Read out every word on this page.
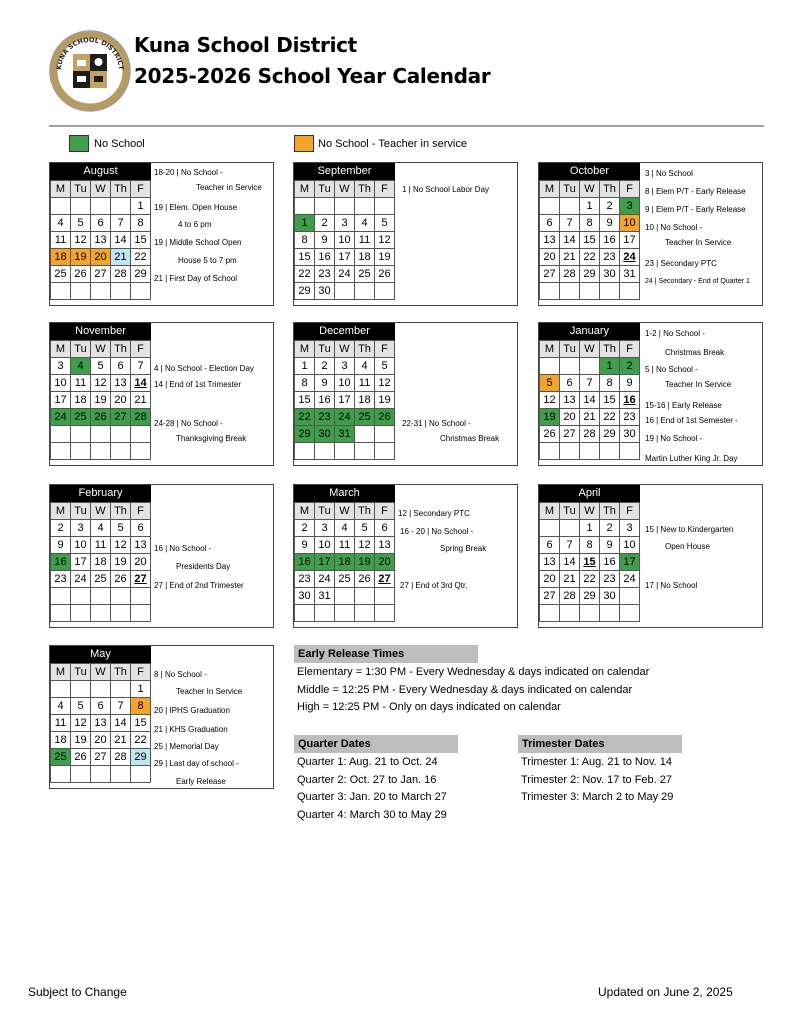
KUNA SCHOOL DISTRICT
Kuna School District
2025-2026 School Year Calendar
No School	No School - Teacher in service
August
M	Tu	W	Th	F
				1
4	5	6	7	8
11	12	13	14	15
18	19	20	21	22
25	26	27	28	29

18-20 | No School -
Teacher in Service
19 | Elem. Open House
4 to 6 pm
19 | Middle School Open
House 5 to 7 pm
21 | First Day of School
September
M	Tu	W	Th	F

1	2	3	4	5
8	9	10	11	12
15	16	17	18	19
22	23	24	25	26
29	30			
1 | No School Labor Day
October
M	Tu	W	Th	F
		1	2	3
6	7	8	9	10
13	14	15	16	17
20	21	22	23	24
27	28	29	30	31

3 | No School
8 | Elem P/T - Early Release
9 | Elem P/T - Early Release
10 | No School -
Teacher In Service
23 | Secondary PTC
24 | Secondary - End of Quarter 1
November
M	Tu	W	Th	F
3	4	5	6	7
10	11	12	13	14
17	18	19	20	21
24	25	26	27	28

4 | No School - Election Day
14 | End of 1st Trimester
24-28 | No School -
Thanksgiving Break
December
M	Tu	W	Th	F
1	2	3	4	5
8	9	10	11	12
15	16	17	18	19
22	23	24	25	26
29	30	31		

22-31 | No School -
Christmas Break
January
M	Tu	W	Th	F
			1	2
5	6	7	8	9
12	13	14	15	16
19	20	21	22	23
26	27	28	29	30

1-2 | No School -
Christmas Break
5 | No School -
Teacher In Service
15-16 | Early Release
16 | End of 1st Semester -
19 | No School -
Martin Luther King Jr. Day
February
M	Tu	W	Th	F
2	3	4	5	6
9	10	11	12	13
16	17	18	19	20
23	24	25	26	27

16 | No School -
Presidents Day
27 | End of 2nd Trimester
March
M	Tu	W	Th	F
2	3	4	5	6
9	10	11	12	13
16	17	18	19	20
23	24	25	26	27
30	31			

12 | Secondary PTC
16 - 20 | No School -
Spring Break
27 | End of 3rd Qtr.
April
M	Tu	W	Th	F
		1	2	3
6	7	8	9	10
13	14	15	16	17
20	21	22	23	24
27	28	29	30	

15 | New to Kindergarten
Open House
17 | No School
May
M	Tu	W	Th	F
				1
4	5	6	7	8
11	12	13	14	15
18	19	20	21	22
25	26	27	28	29

8 | No School -
Teacher In Service
20 | IPHS Graduation
21 | KHS Graduation
25 | Memorial Day
29 | Last day of school -
Early Release
Early Release Times
Elementary = 1:30 PM - Every Wednesday & days indicated on calendar
Middle = 12:25 PM - Every Wednesday & days indicated on calendar
High = 12:25 PM - Only on days indicated on calendar
Quarter Dates
Quarter 1: Aug. 21 to Oct. 24
Quarter 2: Oct. 27 to Jan. 16
Quarter 3: Jan. 20 to March 27
Quarter 4: March 30 to May 29
Trimester Dates
Trimester 1: Aug. 21 to Nov. 14
Trimester 2: Nov. 17 to Feb. 27
Trimester 3: March 2 to May 29
Subject to Change	Updated on June 2, 2025
